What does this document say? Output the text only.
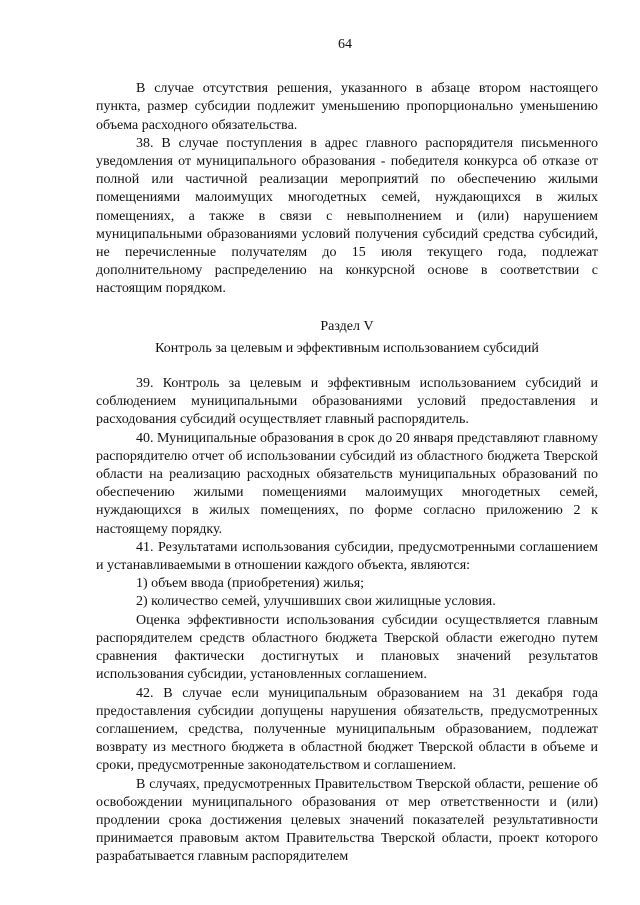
64

В случае отсутствия решения, указанного в абзаце втором настоящего пункта, размер субсидии подлежит уменьшению пропорционально уменьшению объема расходного обязательства.

38. В случае поступления в адрес главного распорядителя письменного уведомления от муниципального образования - победителя конкурса об отказе от полной или частичной реализации мероприятий по обеспечению жилыми помещениями малоимущих многодетных семей, нуждающихся в жилых помещениях, а также в связи с невыполнением и (или) нарушением муниципальными образованиями условий получения субсидий средства субсидий, не перечисленные получателям до 15 июля текущего года, подлежат дополнительному распределению на конкурсной основе в соответствии с настоящим порядком.

Раздел V

Контроль за целевым и эффективным использованием субсидий

39. Контроль за целевым и эффективным использованием субсидий и соблюдением муниципальными образованиями условий предоставления и расходования субсидий осуществляет главный распорядитель.

40. Муниципальные образования в срок до 20 января представляют главному распорядителю отчет об использовании субсидий из областного бюджета Тверской области на реализацию расходных обязательств муниципальных образований по обеспечению жилыми помещениями малоимущих многодетных семей, нуждающихся в жилых помещениях, по форме согласно приложению 2 к настоящему порядку.

41. Результатами использования субсидии, предусмотренными соглашением и устанавливаемыми в отношении каждого объекта, являются:

1) объем ввода (приобретения) жилья;

2) количество семей, улучшивших свои жилищные условия.

Оценка эффективности использования субсидии осуществляется главным распорядителем средств областного бюджета Тверской области ежегодно путем сравнения фактически достигнутых и плановых значений результатов использования субсидии, установленных соглашением.

42. В случае если муниципальным образованием на 31 декабря года предоставления субсидии допущены нарушения обязательств, предусмотренных соглашением, средства, полученные муниципальным образованием, подлежат возврату из местного бюджета в областной бюджет Тверской области в объеме и сроки, предусмотренные законодательством и соглашением.

В случаях, предусмотренных Правительством Тверской области, решение об освобождении муниципального образования от мер ответственности и (или) продлении срока достижения целевых значений показателей результативности принимается правовым актом Правительства Тверской области, проект которого разрабатывается главным распорядителем
